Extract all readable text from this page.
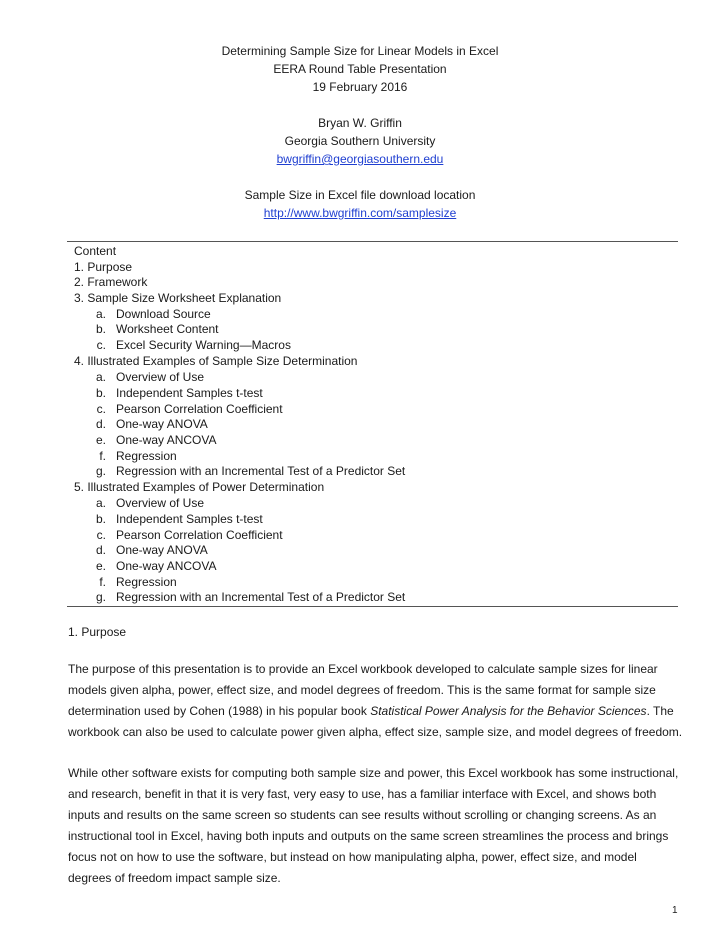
Determining Sample Size for Linear Models in Excel
EERA Round Table Presentation
19 February 2016
Bryan W. Griffin
Georgia Southern University
bwgriffin@georgiasouthern.edu
Sample Size in Excel file download location
http://www.bwgriffin.com/samplesize
Content
1. Purpose
2. Framework
3. Sample Size Worksheet Explanation
a. Download Source
b. Worksheet Content
c. Excel Security Warning—Macros
4. Illustrated Examples of Sample Size Determination
a. Overview of Use
b. Independent Samples t-test
c. Pearson Correlation Coefficient
d. One-way ANOVA
e. One-way ANCOVA
f. Regression
g. Regression with an Incremental Test of a Predictor Set
5. Illustrated Examples of Power Determination
a. Overview of Use
b. Independent Samples t-test
c. Pearson Correlation Coefficient
d. One-way ANOVA
e. One-way ANCOVA
f. Regression
g. Regression with an Incremental Test of a Predictor Set
1. Purpose
The purpose of this presentation is to provide an Excel workbook developed to calculate sample sizes for linear
models given alpha, power, effect size, and model degrees of freedom. This is the same format for sample size
determination used by Cohen (1988) in his popular book Statistical Power Analysis for the Behavior Sciences. The
workbook can also be used to calculate power given alpha, effect size, sample size, and model degrees of freedom.
While other software exists for computing both sample size and power, this Excel workbook has some instructional,
and research, benefit in that it is very fast, very easy to use, has a familiar interface with Excel, and shows both
inputs and results on the same screen so students can see results without scrolling or changing screens. As an
instructional tool in Excel, having both inputs and outputs on the same screen streamlines the process and brings
focus not on how to use the software, but instead on how manipulating alpha, power, effect size, and model
degrees of freedom impact sample size.
1
